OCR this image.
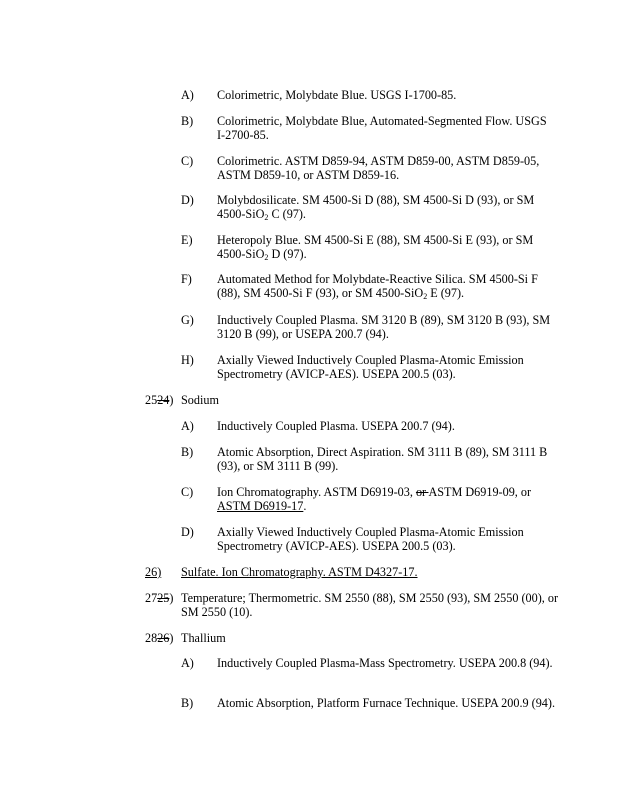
A) Colorimetric, Molybdate Blue. USGS I-1700-85.
B) Colorimetric, Molybdate Blue, Automated-Segmented Flow. USGS I-2700-85.
C) Colorimetric. ASTM D859-94, ASTM D859-00, ASTM D859-05, ASTM D859-10, or ASTM D859-16.
D) Molybdosilicate. SM 4500-Si D (88), SM 4500-Si D (93), or SM 4500-SiO$_2$ C (97).
E) Heteropoly Blue. SM 4500-Si E (88), SM 4500-Si E (93), or SM 4500-SiO$_2$ D (97).
F) Automated Method for Molybdate-Reactive Silica. SM 4500-Si F (88), SM 4500-Si F (93), or SM 4500-SiO$_2$ E (97).
G) Inductively Coupled Plasma. SM 3120 B (89), SM 3120 B (93), SM 3120 B (99), or USEPA 200.7 (94).
H) Axially Viewed Inductively Coupled Plasma-Atomic Emission Spectrometry (AVICP-AES). USEPA 200.5 (03).
2524) Sodium
A) Inductively Coupled Plasma. USEPA 200.7 (94).
B) Atomic Absorption, Direct Aspiration. SM 3111 B (89), SM 3111 B (93), or SM 3111 B (99).
C) Ion Chromatography. ASTM D6919-03, or ASTM D6919-09, or ASTM D6919-17.
D) Axially Viewed Inductively Coupled Plasma-Atomic Emission Spectrometry (AVICP-AES). USEPA 200.5 (03).
26) Sulfate. Ion Chromatography. ASTM D4327-17.
2725) Temperature; Thermometric. SM 2550 (88), SM 2550 (93), SM 2550 (00), or SM 2550 (10).
2826) Thallium
A) Inductively Coupled Plasma-Mass Spectrometry. USEPA 200.8 (94).
B) Atomic Absorption, Platform Furnace Technique. USEPA 200.9 (94).
